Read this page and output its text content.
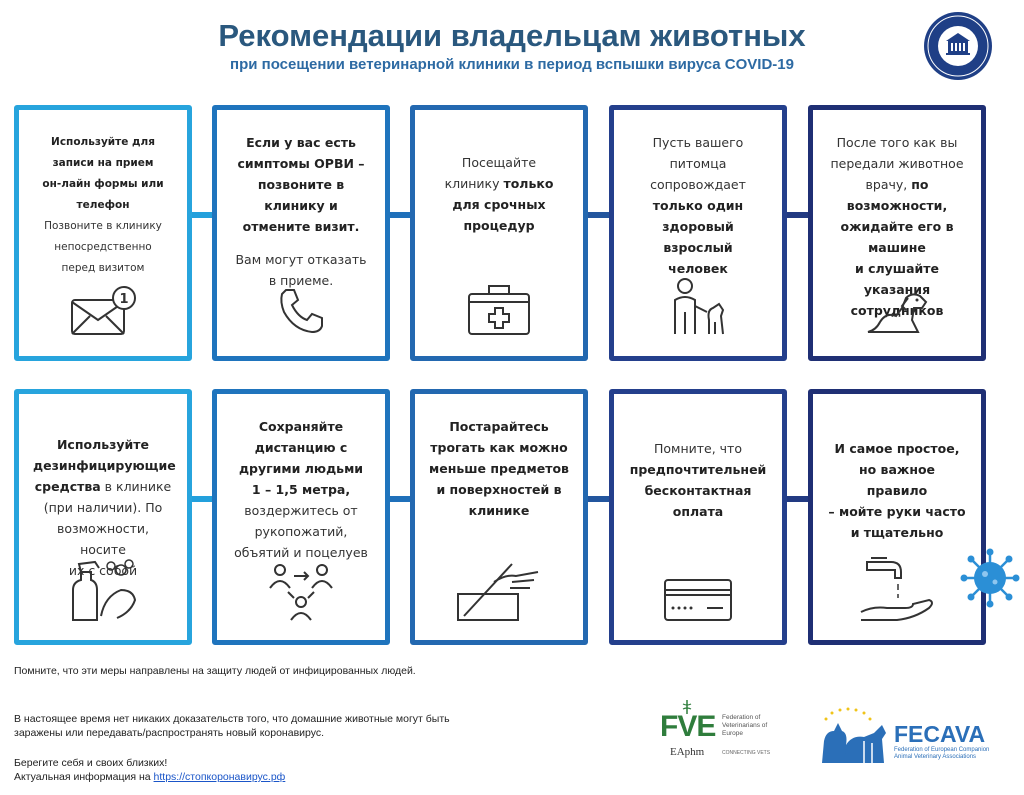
Рекомендации владельцам животных
при посещении ветеринарной клиники в период вспышки вируса COVID-19
Используйте для
записи на прием
он-лайн формы или
телефон
Позвоните в клинику
непосредственно
перед визитом
1
Если у вас есть
симптомы ОРВИ –
позвоните в
клинику и
отмените визит.
Вам могут отказать
в приеме.
Посещайте
клинику только
для срочных
процедур
Пусть вашего
питомца
сопровождает
только один
здоровый
взрослый
человек
После того как вы
передали животное
врачу, по
возможности,
ожидайте его в
машине
и слушайте указания
сотрудников
Используйте
дезинфицирующие
средства в клинике
(при наличии). По
возможности, носите
их с собой
Сохраняйте
дистанцию с
другими людьми
1 – 1,5 метра,
воздержитесь от
рукопожатий,
объятий и поцелуев
Постарайтесь
трогать как можно
меньше предметов
и поверхностей в
клинике
Помните, что
предпочтительней
бесконтактная
оплата
И самое простое,
но важное правило
– мойте руки часто
и тщательно
Помните, что эти меры направлены на защиту людей от инфицированных людей.
В настоящее время нет никаких доказательств того, что домашние животные могут быть заражены или передавать/распространять новый коронавирус.
Берегите себя и своих близких!
Актуальная информация на https://стопкоронавирус.рф
FVE Federation of Veterinarians of Europe
EAphm	CONNECTING VETS
FECAVA
Federation of European Companion Animal Veterinary Associations
